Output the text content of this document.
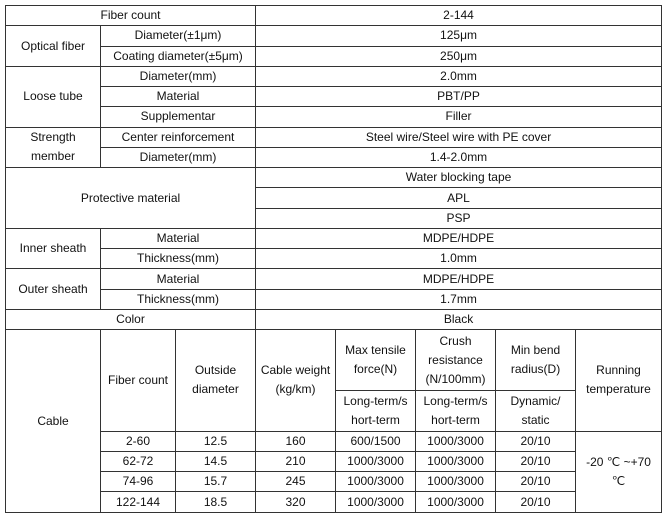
Fiber count			2-144				
Optical fiber	Diameter(±1μm)		125μm				
	Coating diameter(±5μm)		250μm				
Loose tube	Diameter(mm)		2.0mm				
	Material		PBT/PP				
	Supplementar		Filler				
Strength member	Center reinforcement		Steel wire/Steel wire with PE cover				
	Diameter(mm)		1.4-2.0mm				
Protective material			Water blocking tape				
			APL				
			PSP				
Inner sheath	Material		MDPE/HDPE				
	Thickness(mm)		1.0mm				
Outer sheath	Material		MDPE/HDPE				
	Thickness(mm)		1.7mm				
Color			Black				
Cable	Fiber count	Outside diameter	Cable weight (kg/km)	Max tensile force(N)	Crush resistance (N/100mm)	Min bend radius(D)	Running temperature
				Long-term/s hort-term	Long-term/s hort-term	Dynamic/ static	
	2-60	12.5	160	600/1500	1000/3000	20/10	-20 ℃ ~+70 ℃
	62-72	14.5	210	1000/3000	1000/3000	20/10	
	74-96	15.7	245	1000/3000	1000/3000	20/10	
	122-144	18.5	320	1000/3000	1000/3000	20/10	
